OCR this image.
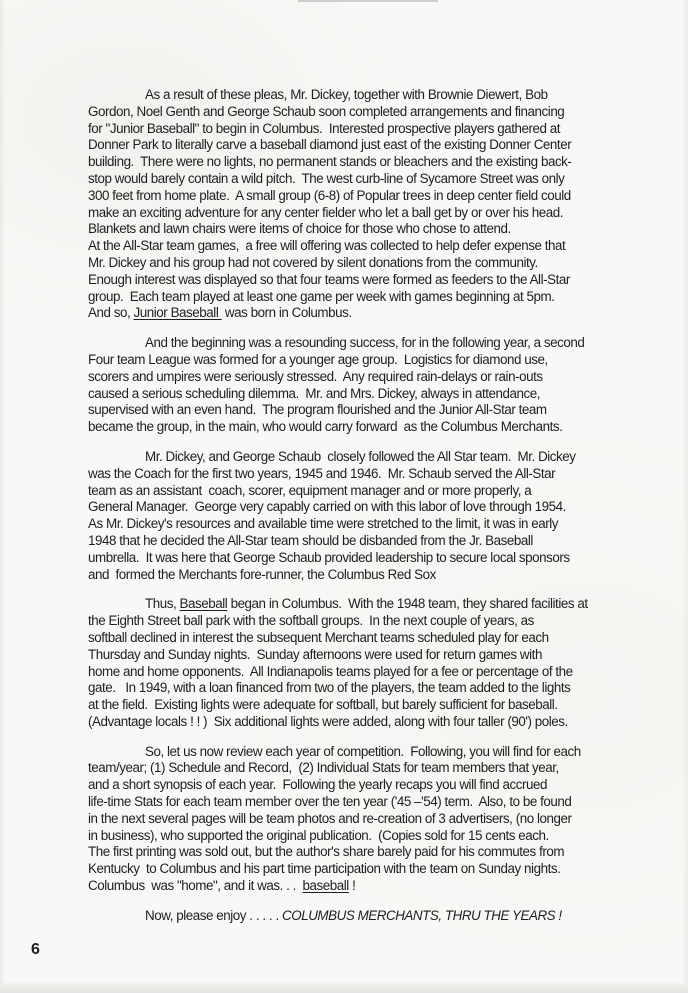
As a result of these pleas, Mr. Dickey, together with Brownie Diewert, Bob
Gordon, Noel Genth and George Schaub soon completed arrangements and financing
for "Junior Baseball" to begin in Columbus.  Interested prospective players gathered at
Donner Park to literally carve a baseball diamond just east of the existing Donner Center
building.  There were no lights, no permanent stands or bleachers and the existing back-
stop would barely contain a wild pitch.  The west curb-line of Sycamore Street was only
300 feet from home plate.  A small group (6-8) of Popular trees in deep center field could
make an exciting adventure for any center fielder who let a ball get by or over his head.
Blankets and lawn chairs were items of choice for those who chose to attend.
At the All-Star team games,  a free will offering was collected to help defer expense that
Mr. Dickey and his group had not covered by silent donations from the community.
Enough interest was displayed so that four teams were formed as feeders to the All-Star
group.  Each team played at least one game per week with games beginning at 5pm.
And so, Junior Baseball  was born in Columbus.
And the beginning was a resounding success, for in the following year, a second
Four team League was formed for a younger age group.  Logistics for diamond use,
scorers and umpires were seriously stressed.  Any required rain-delays or rain-outs
caused a serious scheduling dilemma.  Mr. and Mrs. Dickey, always in attendance,
supervised with an even hand.  The program flourished and the Junior All-Star team
became the group, in the main, who would carry forward  as the Columbus Merchants.
Mr. Dickey, and George Schaub  closely followed the All Star team.  Mr. Dickey
was the Coach for the first two years, 1945 and 1946.  Mr. Schaub served the All-Star
team as an assistant  coach, scorer, equipment manager and or more properly, a
General Manager.  George very capably carried on with this labor of love through 1954.
As Mr. Dickey's resources and available time were stretched to the limit, it was in early
1948 that he decided the All-Star team should be disbanded from the Jr. Baseball
umbrella.  It was here that George Schaub provided leadership to secure local sponsors
and  formed the Merchants fore-runner, the Columbus Red Sox
Thus, Baseball began in Columbus.  With the 1948 team, they shared facilities at
the Eighth Street ball park with the softball groups.  In the next couple of years, as
softball declined in interest the subsequent Merchant teams scheduled play for each
Thursday and Sunday nights.  Sunday afternoons were used for return games with
home and home opponents.  All Indianapolis teams played for a fee or percentage of the
gate.   In 1949, with a loan financed from two of the players, the team added to the lights
at the field.  Existing lights were adequate for softball, but barely sufficient for baseball.
(Advantage locals ! ! )  Six additional lights were added, along with four taller (90') poles.
So, let us now review each year of competition.  Following, you will find for each
team/year; (1) Schedule and Record,  (2) Individual Stats for team members that year,
and a short synopsis of each year.  Following the yearly recaps you will find accrued
life-time Stats for each team member over the ten year ('45 –'54) term.  Also, to be found
in the next several pages will be team photos and re-creation of 3 advertisers, (no longer
in business), who supported the original publication.  (Copies sold for 15 cents each.
The first printing was sold out, but the author's share barely paid for his commutes from
Kentucky  to Columbus and his part time participation with the team on Sunday nights.
Columbus  was "home", and it was. . .  baseball !
Now, please enjoy . . . . . COLUMBUS MERCHANTS, THRU THE YEARS !
6
